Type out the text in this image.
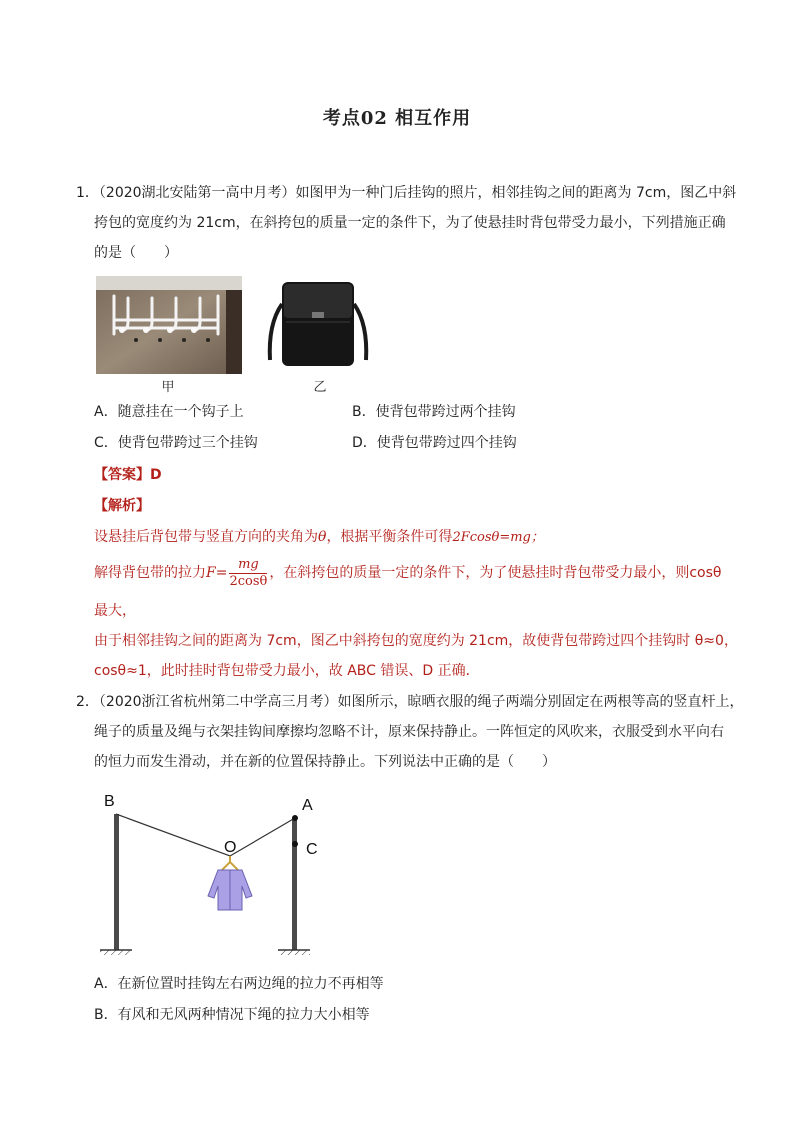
考点02 相互作用
1．（2020湖北安陆第一高中月考）如图甲为一种门后挂钩的照片，相邻挂钩之间的距离为 7cm，图乙中斜
挎包的宽度约为 21cm，在斜挎包的质量一定的条件下，为了使悬挂时背包带受力最小，下列措施正确
的是（　　）
甲	乙
A．随意挂在一个钩子上	B．使背包带跨过两个挂钩
C．使背包带跨过三个挂钩	D．使背包带跨过四个挂钩
【答案】D
【解析】
设悬挂后背包带与竖直方向的夹角为θ，根据平衡条件可得2Fcosθ=mg；
解得背包带的拉力$F= \frac{mg}{2\cos\theta}$ ，在斜挎包的质量一定的条件下，为了使悬挂时背包带受力最小，则cosθ
最大，
由于相邻挂钩之间的距离为 7cm，图乙中斜挎包的宽度约为 21cm，故使背包带跨过四个挂钩时 θ≈0，
cosθ≈1，此时挂时背包带受力最小，故 ABC 错误、D 正确．
2．（2020浙江省杭州第二中学高三月考）如图所示，晾晒衣服的绳子两端分别固定在两根等高的竖直杆上，
绳子的质量及绳与衣架挂钩间摩擦均忽略不计，原来保持静止。一阵恒定的风吹来，衣服受到水平向右
的恒力而发生滑动，并在新的位置保持静止。下列说法中正确的是（　　）
B	A
O	C
A．在新位置时挂钩左右两边绳的拉力不再相等
B．有风和无风两种情况下绳的拉力大小相等
